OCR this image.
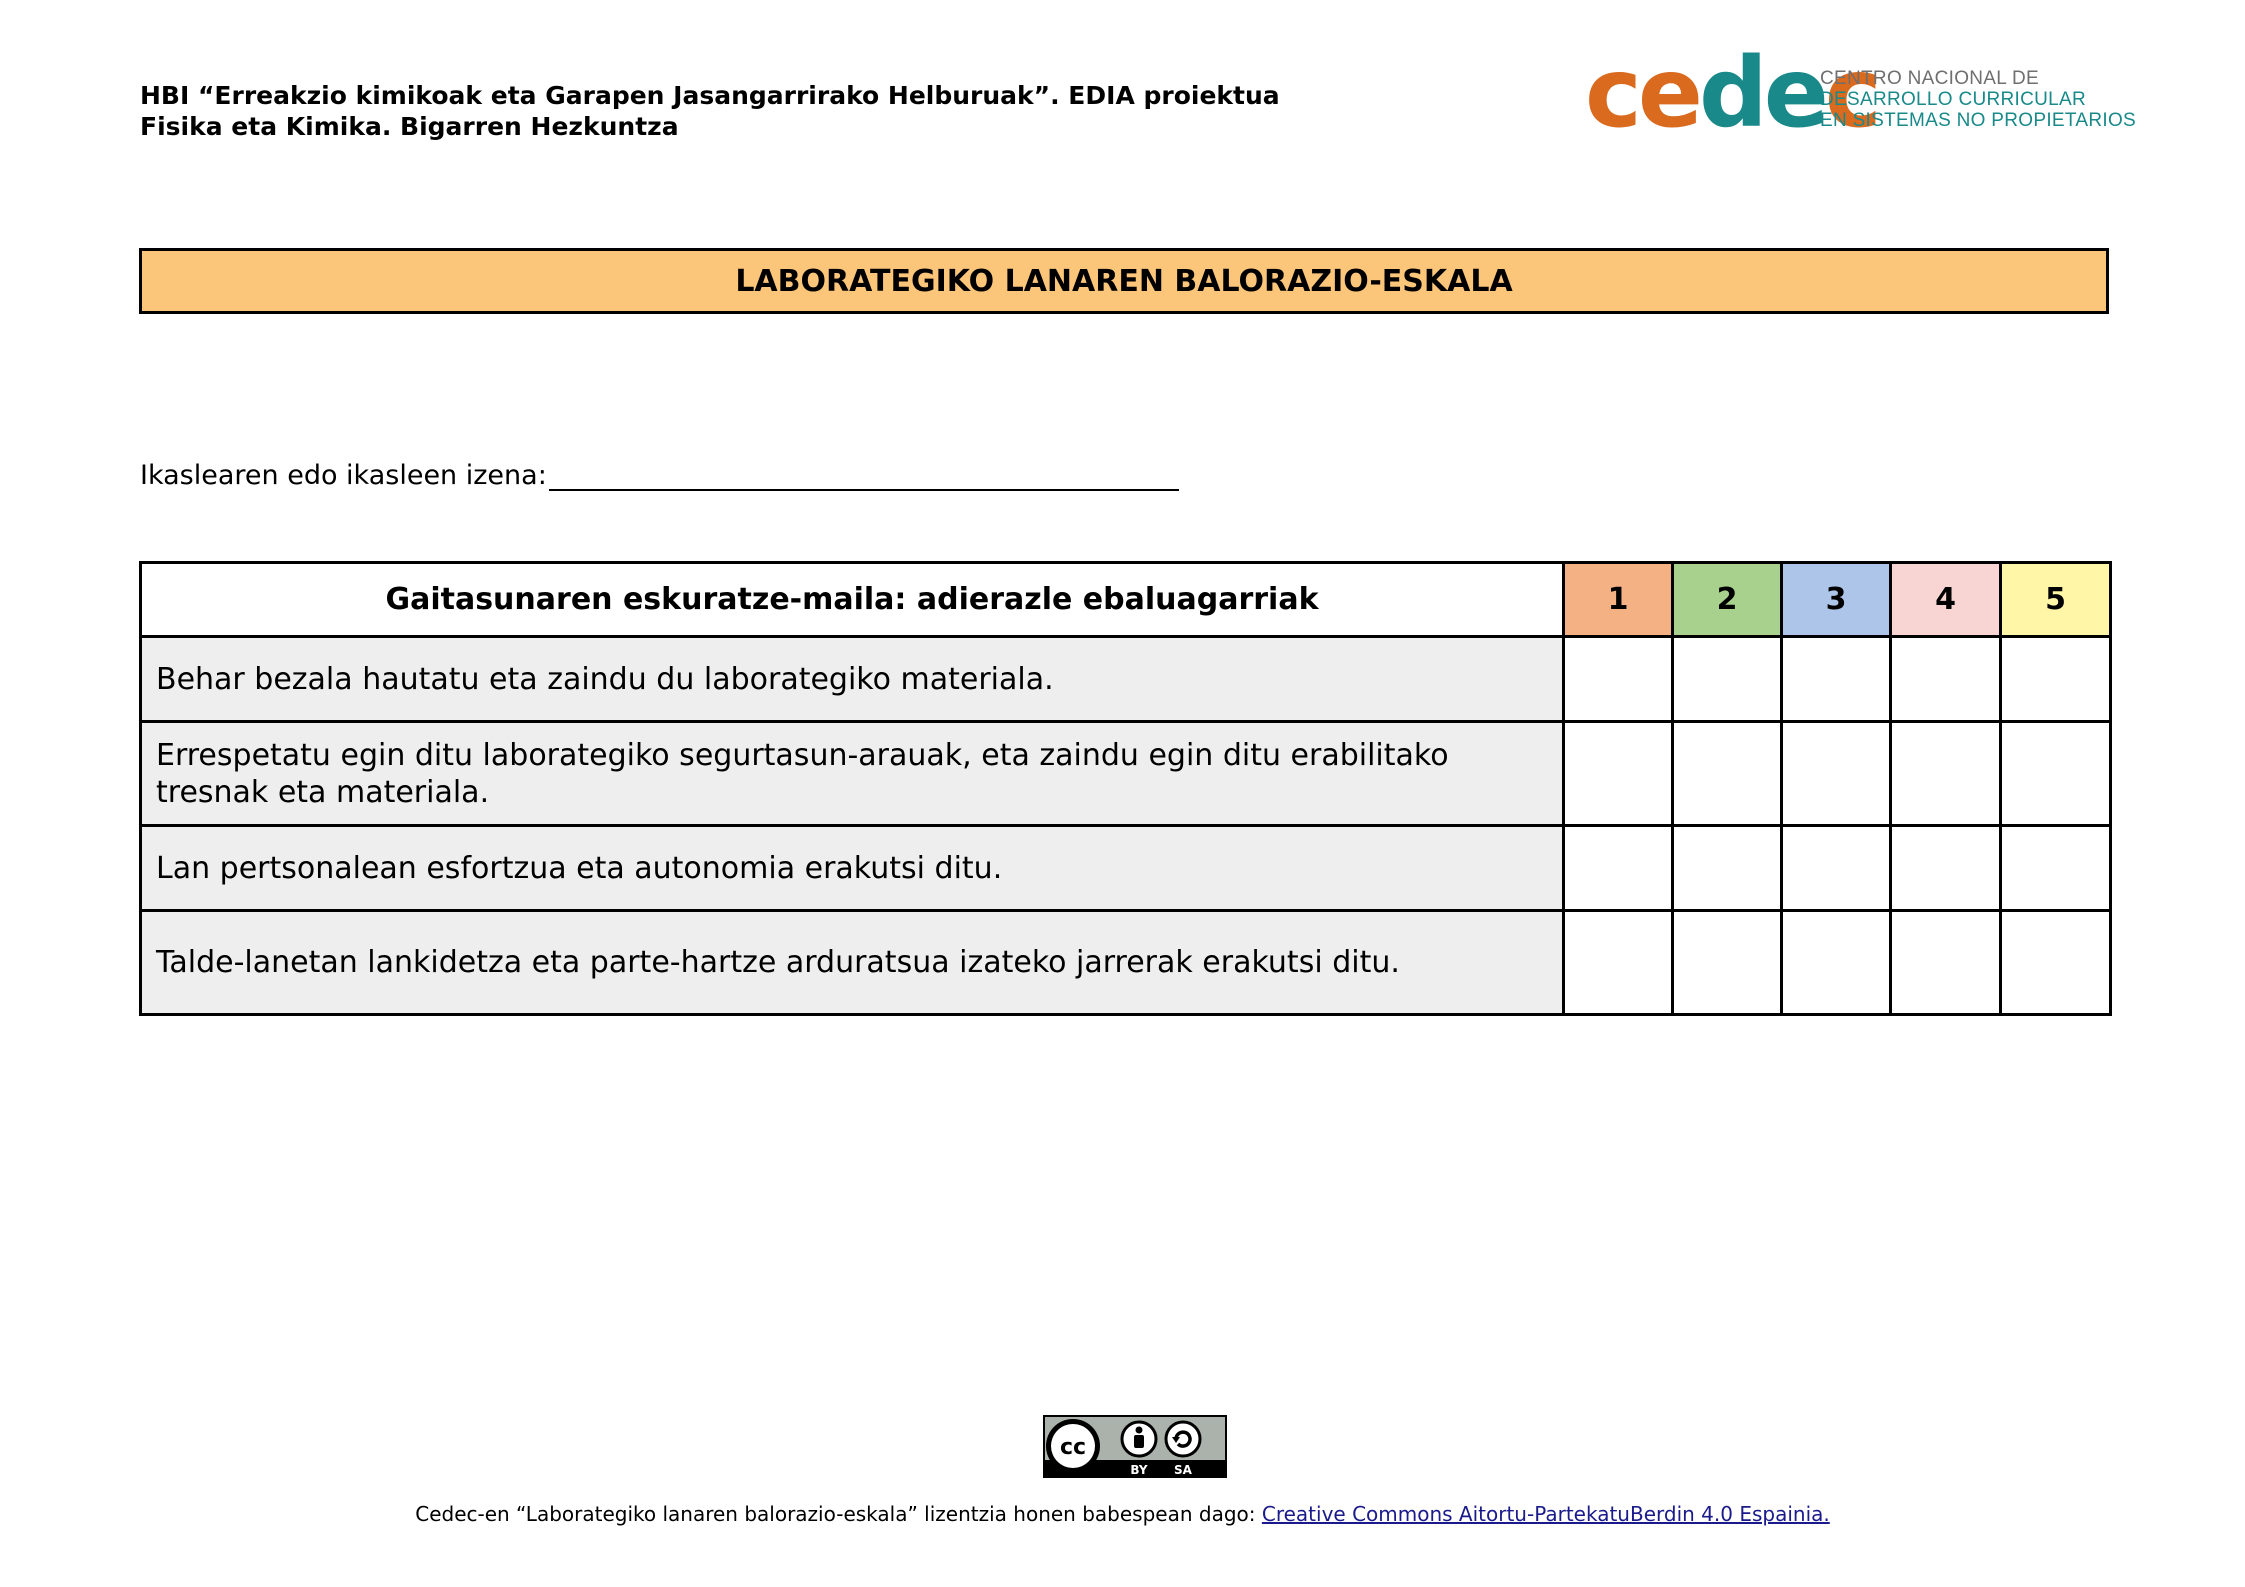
HBI “Erreakzio kimikoak eta Garapen Jasangarrirako Helburuak”. EDIA proiektua
Fisika eta Kimika. Bigarren Hezkuntza	cedec
CENTRO NACIONAL DE
DESARROLLO CURRICULAR
EN SISTEMAS NO PROPIETARIOS
LABORATEGIKO LANAREN BALORAZIO-ESKALA
Ikaslearen edo ikasleen izena:
Gaitasunaren eskuratze-maila: adierazle ebaluagarriak	1	2	3	4	5
Behar bezala hautatu eta zaindu du laborategiko materiala.					
Errespetatu egin ditu laborategiko segurtasun-arauak, eta zaindu egin ditu erabilitako tresnak eta materiala.					
Lan pertsonalean esfortzua eta autonomia erakutsi ditu.					
Talde-lanetan lankidetza eta parte-hartze arduratsua izateko jarrerak erakutsi ditu.					
cc
BY SA
Cedec-en “Laborategiko lanaren balorazio-eskala” lizentzia honen babespean dago: Creative Commons Aitortu-PartekatuBerdin 4.0 Espainia.
